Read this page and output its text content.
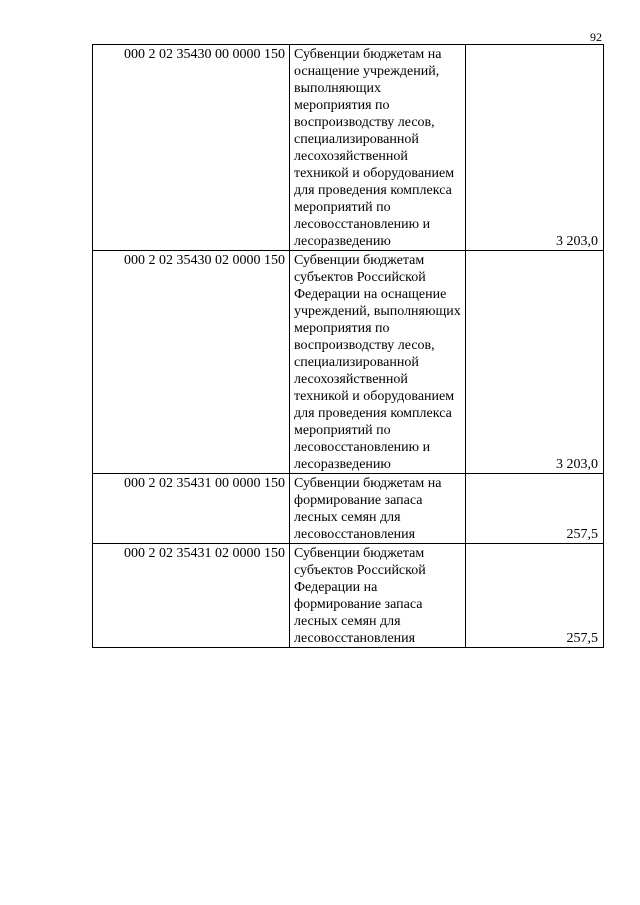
92
000 2 02 35430 00 0000 150	Субвенции бюджетам на оснащение учреждений, выполняющих мероприятия по воспроизводству лесов, специализированной лесохозяйственной техникой и оборудованием для проведения комплекса мероприятий по лесовосстановлению и лесоразведению	3 203,0
000 2 02 35430 02 0000 150	Субвенции бюджетам субъектов Российской Федерации на оснащение учреждений, выполняющих мероприятия по воспроизводству лесов, специализированной лесохозяйственной техникой и оборудованием для проведения комплекса мероприятий по лесовосстановлению и лесоразведению	3 203,0
000 2 02 35431 00 0000 150	Субвенции бюджетам на формирование запаса лесных семян для лесовосстановления	257,5
000 2 02 35431 02 0000 150	Субвенции бюджетам субъектов Российской Федерации на формирование запаса лесных семян для лесовосстановления	257,5
